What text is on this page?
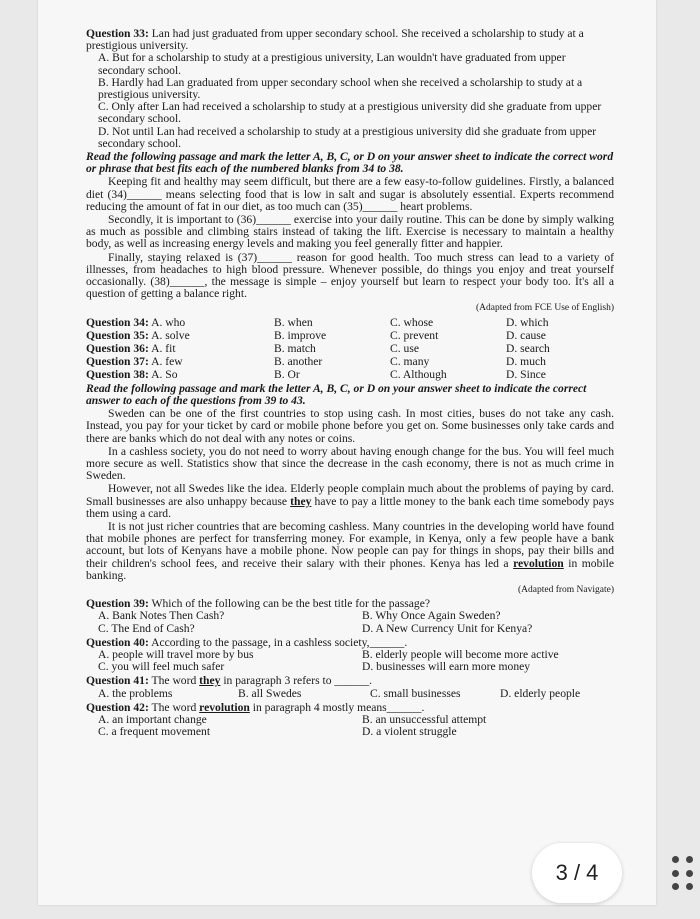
Question 33: Lan had just graduated from upper secondary school. She received a scholarship to study at a prestigious university.

A. But for a scholarship to study at a prestigious university, Lan wouldn't have graduated from upper secondary school.

B. Hardly had Lan graduated from upper secondary school when she received a scholarship to study at a prestigious university.

C. Only after Lan had received a scholarship to study at a prestigious university did she graduate from upper secondary school.

D. Not until Lan had received a scholarship to study at a prestigious university did she graduate from upper secondary school.

Read the following passage and mark the letter A, B, C, or D on your answer sheet to indicate the correct word or phrase that best fits each of the numbered blanks from 34 to 38.

Keeping fit and healthy may seem difficult, but there are a few easy-to-follow guidelines. Firstly, a balanced diet (34)______ means selecting food that is low in salt and sugar is absolutely essential. Experts recommend reducing the amount of fat in our diet, as too much can (35)______ heart problems.

Secondly, it is important to (36)______ exercise into your daily routine. This can be done by simply walking as much as possible and climbing stairs instead of taking the lift. Exercise is necessary to maintain a healthy body, as well as increasing energy levels and making you feel generally fitter and happier.

Finally, staying relaxed is (37)______ reason for good health. Too much stress can lead to a variety of illnesses, from headaches to high blood pressure. Whenever possible, do things you enjoy and treat yourself occasionally. (38)______, the message is simple – enjoy yourself but learn to respect your body too. It's all a question of getting a balance right.

(Adapted from FCE Use of English)

Question 34: A. who	B. when	C. whose	D. which
Question 35: A. solve	B. improve	C. prevent	D. cause
Question 36: A. fit	B. match	C. use	D. search
Question 37: A. few	B. another	C. many	D. much
Question 38: A. So	B. Or	C. Although	D. Since

Read the following passage and mark the letter A, B, C, or D on your answer sheet to indicate the correct answer to each of the questions from 39 to 43.

Sweden can be one of the first countries to stop using cash. In most cities, buses do not take any cash. Instead, you pay for your ticket by card or mobile phone before you get on. Some businesses only take cards and there are banks which do not deal with any notes or coins.

In a cashless society, you do not need to worry about having enough change for the bus. You will feel much more secure as well. Statistics show that since the decrease in the cash economy, there is not as much crime in Sweden.

However, not all Swedes like the idea. Elderly people complain much about the problems of paying by card. Small businesses are also unhappy because they have to pay a little money to the bank each time somebody pays them using a card.

It is not just richer countries that are becoming cashless. Many countries in the developing world have found that mobile phones are perfect for transferring money. For example, in Kenya, only a few people have a bank account, but lots of Kenyans have a mobile phone. Now people can pay for things in shops, pay their bills and their children's school fees, and receive their salary with their phones. Kenya has led a revolution in mobile banking.

(Adapted from Navigate)

Question 39: Which of the following can be the best title for the passage?

A. Bank Notes Then Cash?	B. Why Once Again Sweden?
C. The End of Cash?	D. A New Currency Unit for Kenya?

Question 40: According to the passage, in a cashless society,______.

A. people will travel more by bus	B. elderly people will become more active
C. you will feel much safer	D. businesses will earn more money

Question 41: The word they in paragraph 3 refers to ______.

A. the problems	B. all Swedes	C. small businesses	D. elderly people

Question 42: The word revolution in paragraph 4 mostly means______.

A. an important change	B. an unsuccessful attempt
C. a frequent movement	D. a violent struggle
3 / 4
